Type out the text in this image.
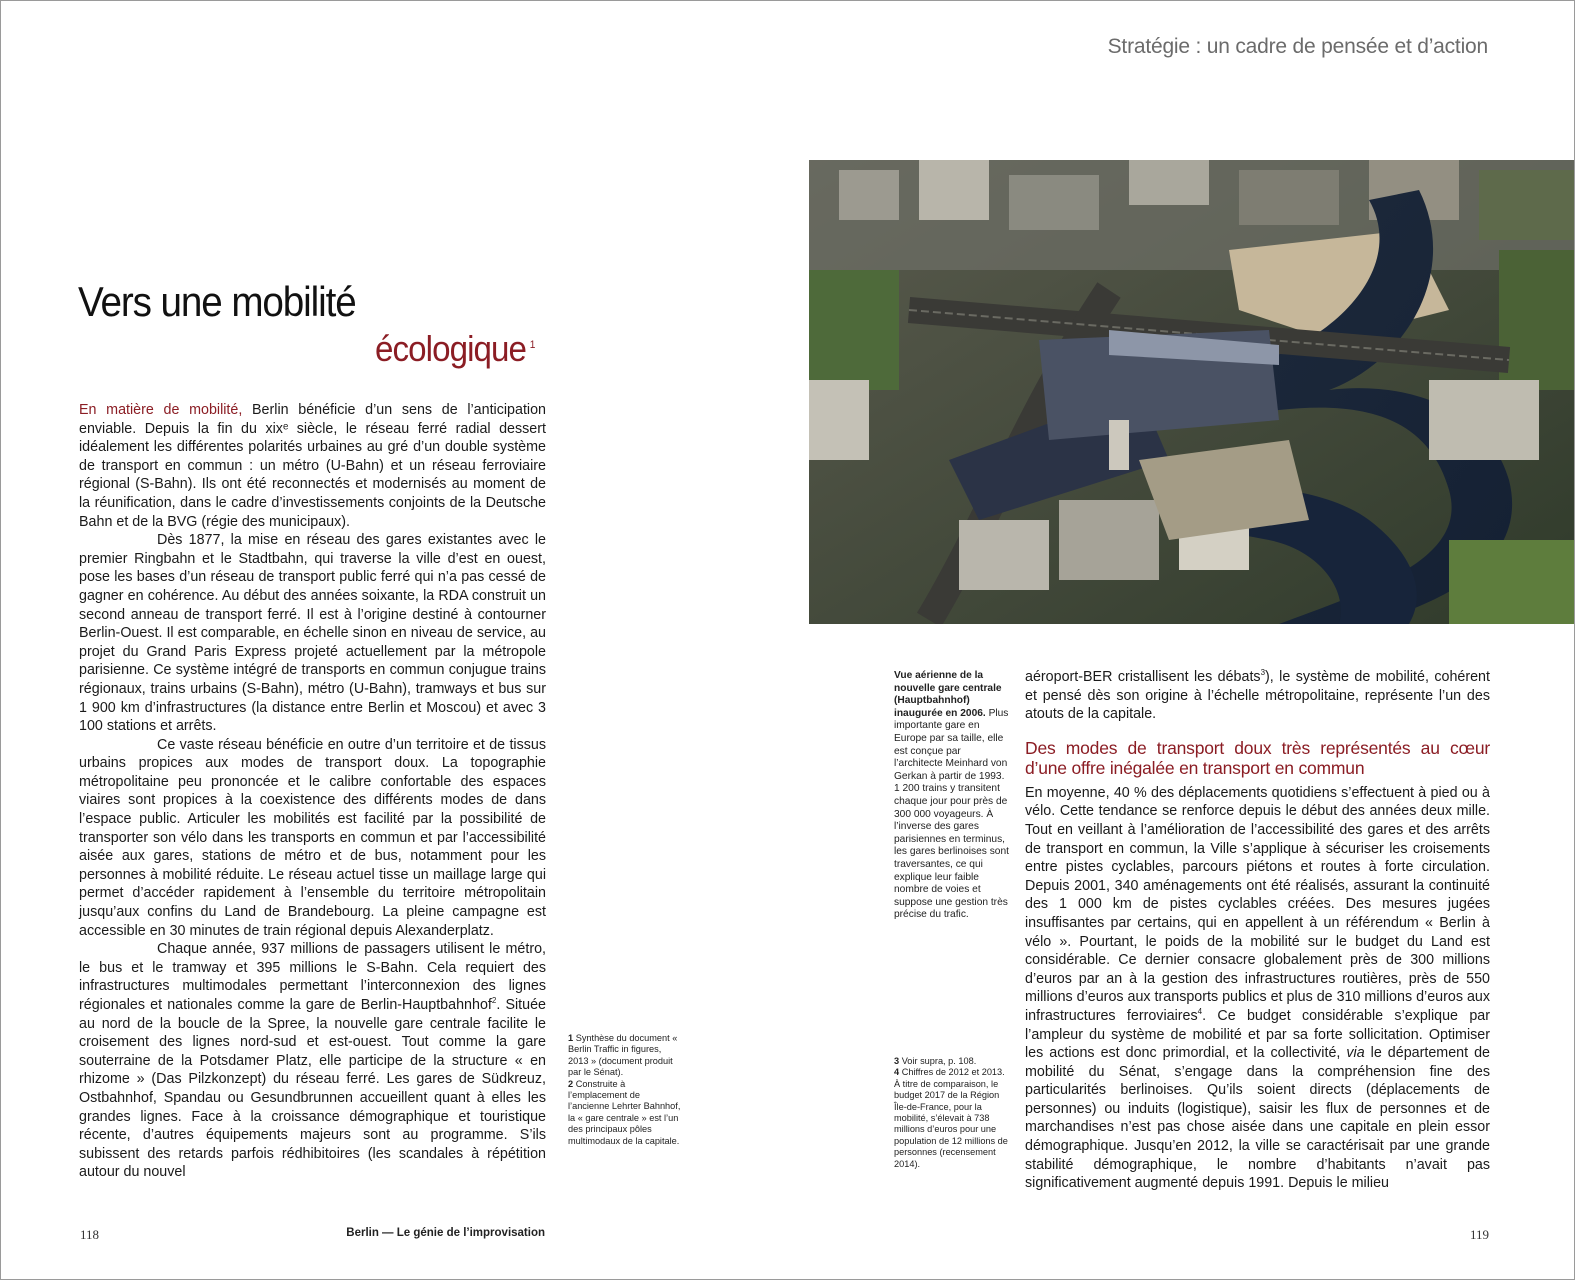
Vers une mobilité
écologique $^1$

En matière de mobilité, Berlin bénéficie d’un sens de l’anticipation enviable. Depuis la fin du xixᵉ siècle, le réseau ferré radial dessert idéalement les différentes polarités urbaines au gré d’un double système de transport en commun : un métro (U-Bahn) et un réseau ferroviaire régional (S-Bahn). Ils ont été reconnectés et modernisés au moment de la réunification, dans le cadre d’investissements conjoints de la Deutsche Bahn et de la BVG (régie des municipaux).

Dès 1877, la mise en réseau des gares existantes avec le premier Ringbahn et le Stadtbahn, qui traverse la ville d’est en ouest, pose les bases d’un réseau de transport public ferré qui n’a pas cessé de gagner en cohérence. Au début des années soixante, la RDA construit un second anneau de transport ferré. Il est à l’origine destiné à contourner Berlin-Ouest. Il est comparable, en échelle sinon en niveau de service, au projet du Grand Paris Express projeté actuellement par la métropole parisienne. Ce système intégré de transports en commun conjugue trains régionaux, trains urbains (S-Bahn), métro (U-Bahn), tramways et bus sur 1 900 km d’infrastructures (la distance entre Berlin et Moscou) et avec 3 100 stations et arrêts.

Ce vaste réseau bénéficie en outre d’un territoire et de tissus urbains propices aux modes de transport doux. La topographie métropolitaine peu prononcée et le calibre confortable des espaces viaires sont propices à la coexistence des différents modes de dans l’espace public. Articuler les mobilités est facilité par la possibilité de transporter son vélo dans les transports en commun et par l’accessibilité aisée aux gares, stations de métro et de bus, notamment pour les personnes à mobilité réduite. Le réseau actuel tisse un maillage large qui permet d’accéder rapidement à l’ensemble du territoire métropolitain jusqu’aux confins du Land de Brandebourg. La pleine campagne est accessible en 30 minutes de train régional depuis Alexanderplatz.

Chaque année, 937 millions de passagers utilisent le métro, le bus et le tramway et 395 millions le S-Bahn. Cela requiert des infrastructures multimodales permettant l’interconnexion des lignes régionales et nationales comme la gare de Berlin-Hauptbahnhof$^2$. Située au nord de la boucle de la Spree, la nouvelle gare centrale facilite le croisement des lignes nord-sud et est-ouest. Tout comme la gare souterraine de la Potsdamer Platz, elle participe de la structure « en rhizome » (Das Pilzkonzept) du réseau ferré. Les gares de Südkreuz, Ostbahnhof, Spandau ou Gesundbrunnen accueillent quant à elles les grandes lignes. Face à la croissance démographique et touristique récente, d’autres équipements majeurs sont au programme. S’ils subissent des retards parfois rédhibitoires (les scandales à répétition autour du nouvel

1 Synthèse du document « Berlin Traffic in figures, 2013 » (document produit par le Sénat).
2 Construite à l’emplacement de l’ancienne Lehrter Bahnhof, la « gare centrale » est l’un des principaux pôles multimodaux de la capitale.
118	Berlin — Le génie de l’improvisation
Stratégie : un cadre de pensée et d’action
Vue aérienne de la nouvelle gare centrale (Hauptbahnhof) inaugurée en 2006. Plus importante gare en Europe par sa taille, elle est conçue par l’architecte Meinhard von Gerkan à partir de 1993. 1 200 trains y transitent chaque jour pour près de 300 000 voyageurs. À l’inverse des gares parisiennes en terminus, les gares berlinoises sont traversantes, ce qui explique leur faible nombre de voies et suppose une gestion très précise du trafic.
3 Voir supra, p. 108.
4 Chiffres de 2012 et 2013. À titre de comparaison, le budget 2017 de la Région Île-de-France, pour la mobilité, s’élevait à 738 millions d’euros pour une population de 12 millions de personnes (recensement 2014).

aéroport-BER cristallisent les débats$^3$), le système de mobilité, cohérent et pensé dès son origine à l’échelle métropolitaine, représente l’un des atouts de la capitale.

Des modes de transport doux très représentés au cœur d’une offre inégalée en transport en commun

En moyenne, 40 % des déplacements quotidiens s’effectuent à pied ou à vélo. Cette tendance se renforce depuis le début des années deux mille. Tout en veillant à l’amélioration de l’accessibilité des gares et des arrêts de transport en commun, la Ville s’applique à sécuriser les croisements entre pistes cyclables, parcours piétons et routes à forte circulation. Depuis 2001, 340 aménagements ont été réalisés, assurant la continuité des 1 000 km de pistes cyclables créées. Des mesures jugées insuffisantes par certains, qui en appellent à un référendum « Berlin à vélo ». Pourtant, le poids de la mobilité sur le budget du Land est considérable. Ce dernier consacre globalement près de 300 millions d’euros par an à la gestion des infrastructures routières, près de 550 millions d’euros aux transports publics et plus de 310 millions d’euros aux infrastructures ferroviaires$^4$. Ce budget considérable s’explique par l’ampleur du système de mobilité et par sa forte sollicitation. Optimiser les actions est donc primordial, et la collectivité, via le département de mobilité du Sénat, s’engage dans la compréhension fine des particularités berlinoises. Qu’ils soient directs (déplacements de personnes) ou induits (logistique), saisir les flux de personnes et de marchandises n’est pas chose aisée dans une capitale en plein essor démographique. Jusqu’en 2012, la ville se caractérisait par une grande stabilité démographique, le nombre d’habitants n’avait pas significativement augmenté depuis 1991. Depuis le milieu

119
